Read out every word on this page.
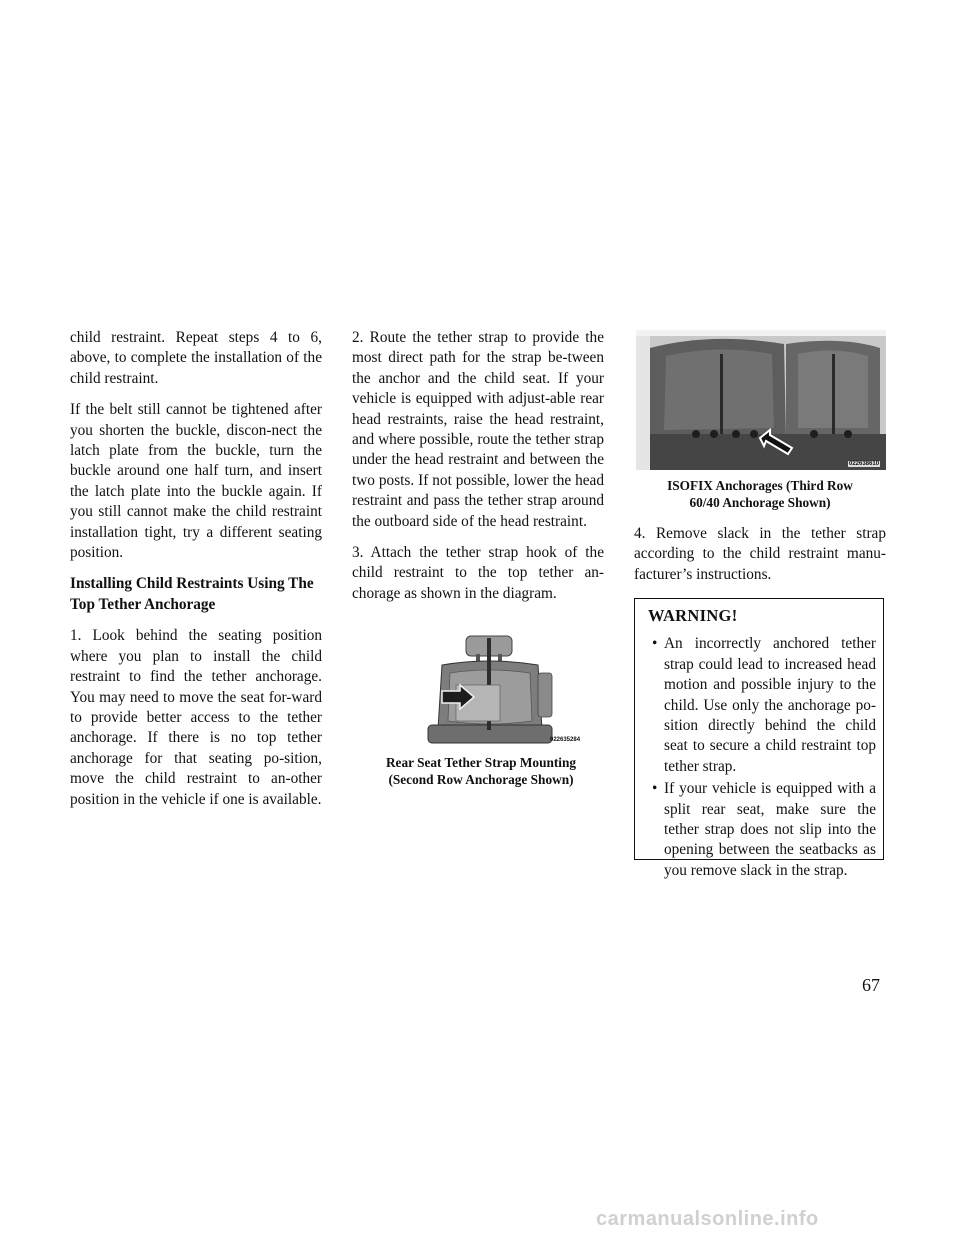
child restraint. Repeat steps 4 to 6, above, to complete the installation of the child restraint.

If the belt still cannot be tightened after you shorten the buckle, discon-nect the latch plate from the buckle, turn the buckle around one half turn, and insert the latch plate into the buckle again. If you still cannot make the child restraint installation tight, try a different seating position.

Installing Child Restraints Using The Top Tether Anchorage

1. Look behind the seating position where you plan to install the child restraint to find the tether anchorage. You may need to move the seat for-ward to provide better access to the tether anchorage. If there is no top tether anchorage for that seating po-sition, move the child restraint to an-other position in the vehicle if one is available.

2. Route the tether strap to provide the most direct path for the strap be-tween the anchor and the child seat. If your vehicle is equipped with adjust-able rear head restraints, raise the head restraint, and where possible, route the tether strap under the head restraint and between the two posts. If not possible, lower the head restraint and pass the tether strap around the outboard side of the head restraint.

3. Attach the tether strap hook of the child restraint to the top tether an-chorage as shown in the diagram.

022635284
Rear Seat Tether Strap Mounting
(Second Row Anchorage Shown)
022638610
ISOFIX Anchorages (Third Row
60/40 Anchorage Shown)
4. Remove slack in the tether strap according to the child restraint manu-facturer’s instructions.
WARNING!
• An incorrectly anchored tether strap could lead to increased head motion and possible injury to the child. Use only the anchorage po-sition directly behind the child seat to secure a child restraint top tether strap.
• If your vehicle is equipped with a split rear seat, make sure the tether strap does not slip into the opening between the seatbacks as you remove slack in the strap.
67
carmanualsonline.info
